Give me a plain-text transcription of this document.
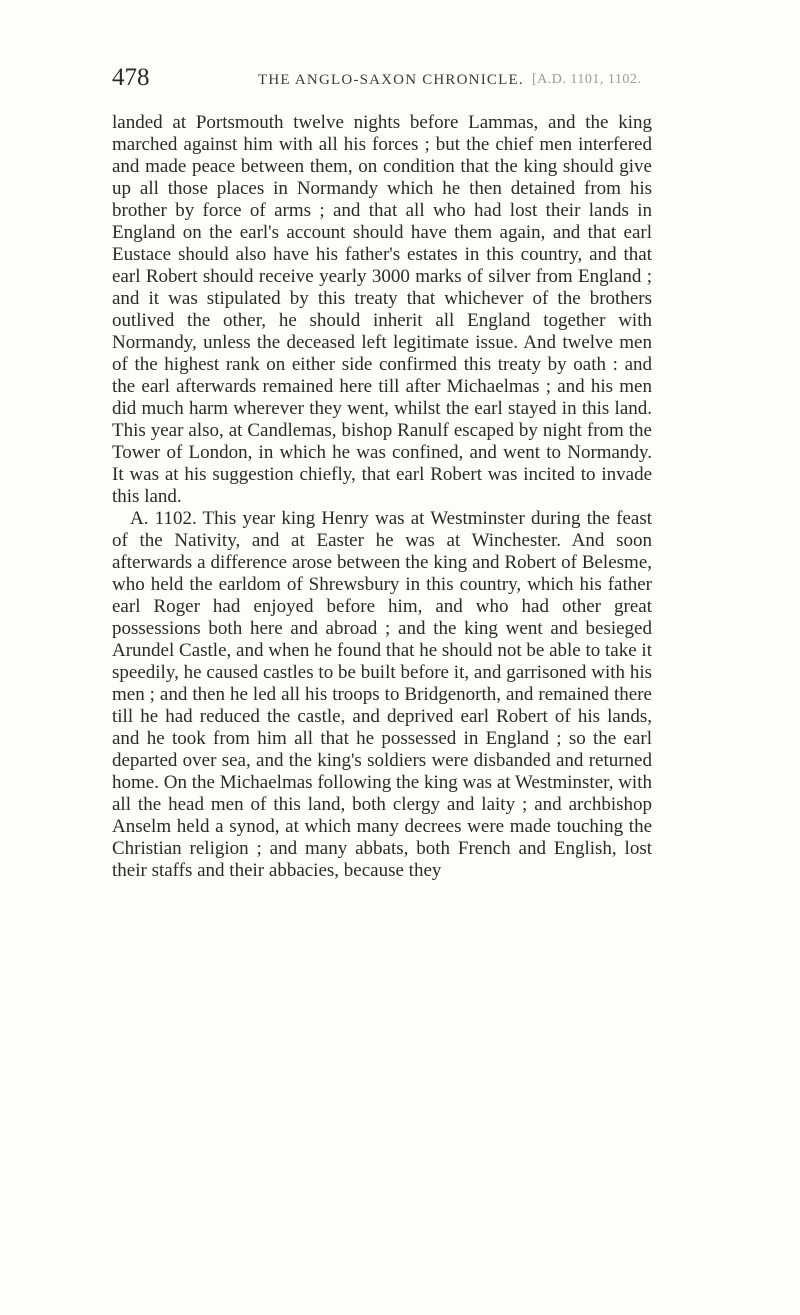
478	THE ANGLO-SAXON CHRONICLE. [A.D. 1101, 1102.

landed at Portsmouth twelve nights before Lammas, and the king marched against him with all his forces ; but the chief men interfered and made peace between them, on condition that the king should give up all those places in Normandy which he then detained from his brother by force of arms ; and that all who had lost their lands in England on the earl's account should have them again, and that earl Eustace should also have his father's estates in this country, and that earl Robert should receive yearly 3000 marks of silver from England ; and it was stipulated by this treaty that whichever of the brothers outlived the other, he should inherit all England together with Normandy, unless the deceased left legitimate issue. And twelve men of the highest rank on either side confirmed this treaty by oath : and the earl afterwards remained here till after Michaelmas ; and his men did much harm wherever they went, whilst the earl stayed in this land. This year also, at Candlemas, bishop Ranulf escaped by night from the Tower of London, in which he was confined, and went to Normandy. It was at his suggestion chiefly, that earl Robert was incited to invade this land.

A. 1102. This year king Henry was at Westminster during the feast of the Nativity, and at Easter he was at Winchester. And soon afterwards a difference arose between the king and Robert of Belesme, who held the earldom of Shrewsbury in this country, which his father earl Roger had enjoyed before him, and who had other great possessions both here and abroad ; and the king went and besieged Arundel Castle, and when he found that he should not be able to take it speedily, he caused castles to be built before it, and garrisoned with his men ; and then he led all his troops to Bridgenorth, and remained there till he had reduced the castle, and deprived earl Robert of his lands, and he took from him all that he possessed in England ; so the earl departed over sea, and the king's soldiers were disbanded and returned home. On the Michaelmas following the king was at Westminster, with all the head men of this land, both clergy and laity ; and archbishop Anselm held a synod, at which many decrees were made touching the Christian religion ; and many abbats, both French and English, lost their staffs and their abbacies, because they
